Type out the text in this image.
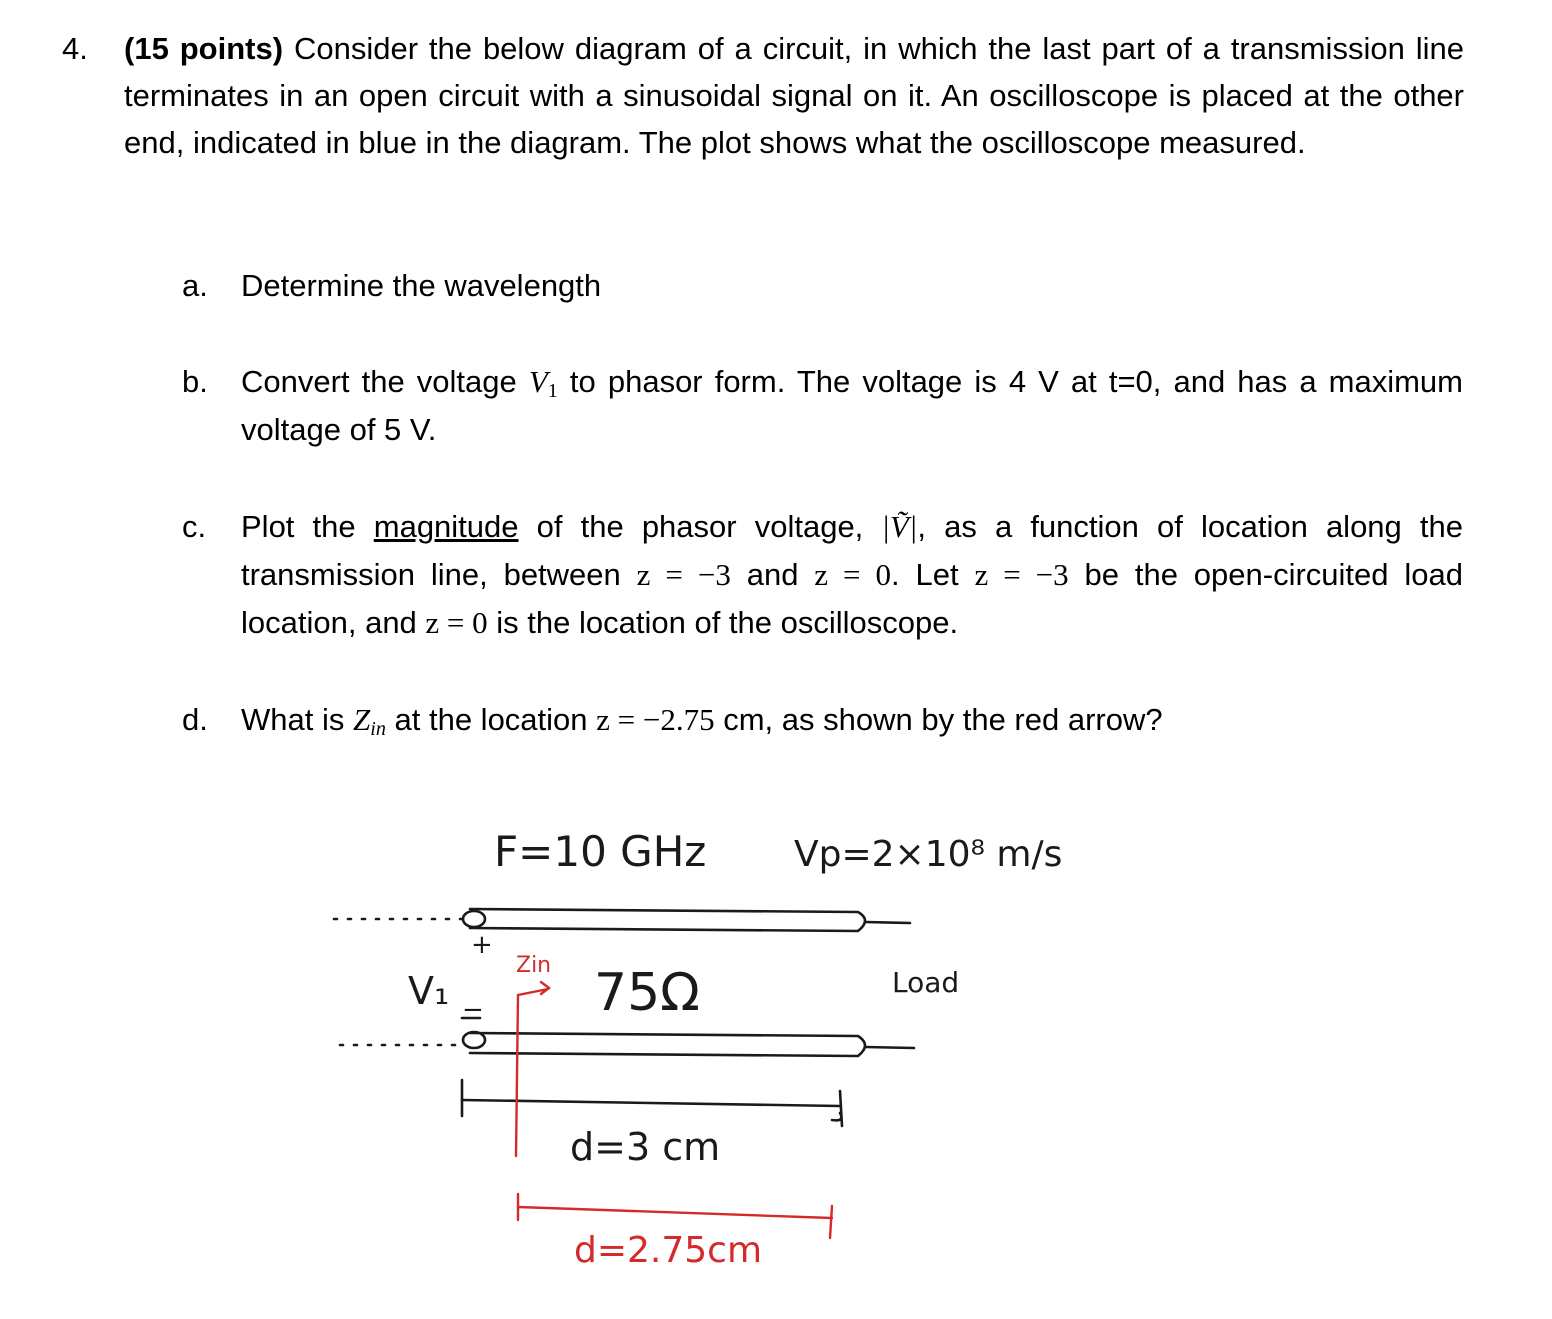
4. (15 points) Consider the below diagram of a circuit, in which the last part of a transmission line terminates in an open circuit with a sinusoidal signal on it. An oscilloscope is placed at the other end, indicated in blue in the diagram. The plot shows what the oscilloscope measured.
a. Determine the wavelength
b. Convert the voltage $V_1$ to phasor form. The voltage is 4 V at t=0, and has a maximum voltage of 5 V.
c. Plot the magnitude of the phasor voltage, |Ṽ|, as a function of location along the transmission line, between z = −3 and z = 0. Let z = −3 be the open-circuited load location, and z = 0 is the location of the oscilloscope.
d. What is $Z_{in}$ at the location z = −2.75 cm, as shown by the red arrow?
F=10 GHz Vp=2×10⁸ m/s
+
−
V₁
Zin 75Ω	Load
d=3 cm
d=2.75cm
